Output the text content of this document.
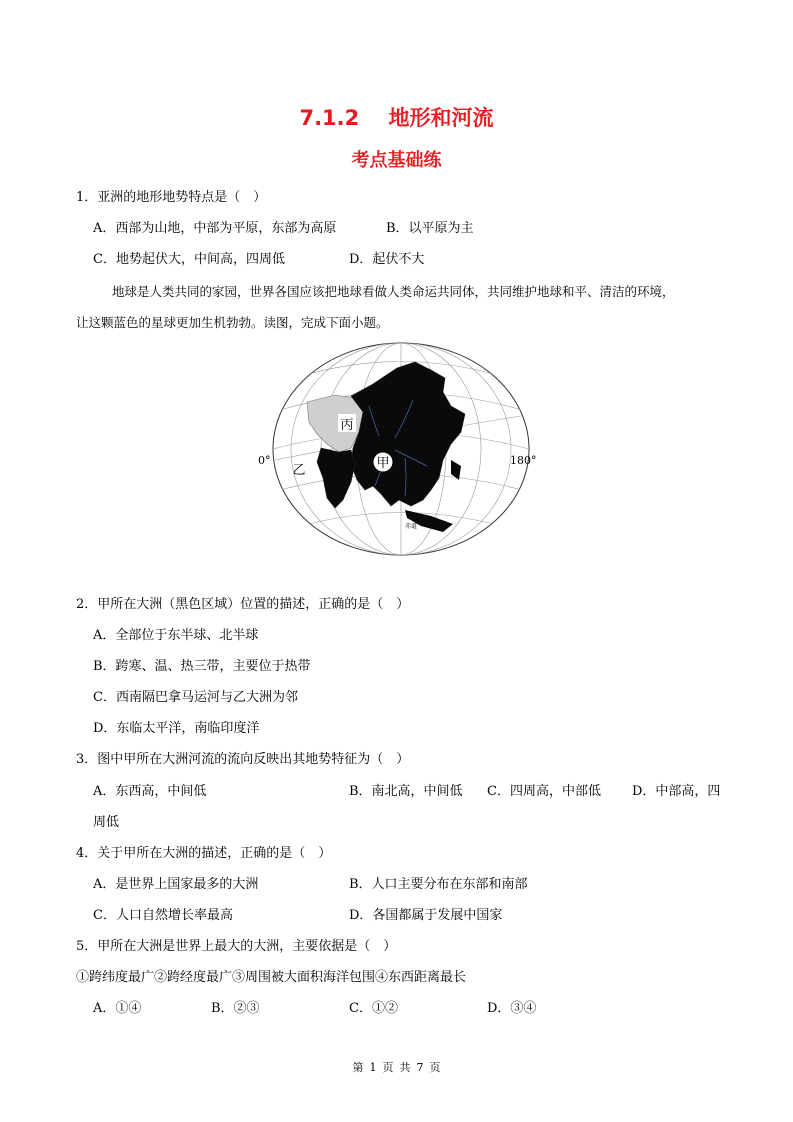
7.1.2 地形和河流
考点基础练
1．亚洲的地形地势特点是（　）
A．西部为山地，中部为平原，东部为高原	B．以平原为主
C．地势起伏大，中间高，四周低	D．起伏不大
地球是人类共同的家园，世界各国应该把地球看做人类命运共同体，共同维护地球和平、清洁的环境，
让这颗蓝色的星球更加生机勃勃。读图，完成下面小题。
甲
丙
乙
0°	180°
赤道
2．甲所在大洲（黑色区域）位置的描述，正确的是（　）
A．全部位于东半球、北半球
B．跨寒、温、热三带，主要位于热带
C．西南隔巴拿马运河与乙大洲为邻
D．东临太平洋，南临印度洋
3．图中甲所在大洲河流的流向反映出其地势特征为（　）
A．东西高，中间低	B．南北高，中间低 C．四周高，中部低 D．中部高，四
周低
4．关于甲所在大洲的描述，正确的是（　）
A．是世界上国家最多的大洲	B．人口主要分布在东部和南部
C．人口自然增长率最高	D．各国都属于发展中国家
5．甲所在大洲是世界上最大的大洲，主要依据是（　）
①跨纬度最广②跨经度最广③周围被大面积海洋包围④东西距离最长
A．①④	B．②③	C．①②	D．③④
第 1 页 共 7 页
